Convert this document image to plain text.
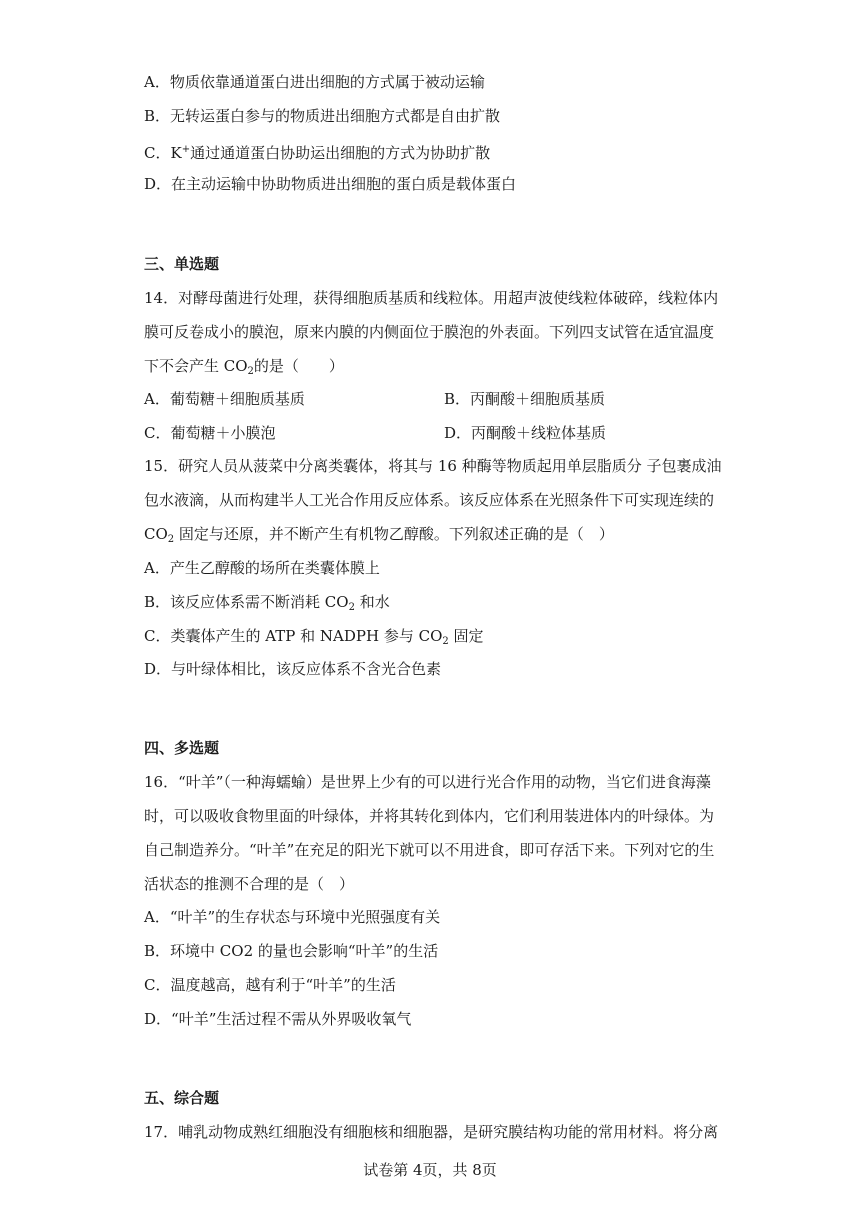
A．物质依靠通道蛋白进出细胞的方式属于被动运输
B．无转运蛋白参与的物质进出细胞方式都是自由扩散
C．K+通过通道蛋白协助运出细胞的方式为协助扩散
D．在主动运输中协助物质进出细胞的蛋白质是载体蛋白
三、单选题
14．对酵母菌进行处理，获得细胞质基质和线粒体。用超声波使线粒体破碎，线粒体内
膜可反卷成小的膜泡，原来内膜的内侧面位于膜泡的外表面。下列四支试管在适宜温度
下不会产生 $CO_2$的是（　　）
A．葡萄糖＋细胞质基质	B．丙酮酸＋细胞质基质
C．葡萄糖＋小膜泡	D．丙酮酸＋线粒体基质
15．研究人员从菠菜中分离类囊体，将其与 16 种酶等物质起用单层脂质分 子包裹成油
包水液滴，从而构建半人工光合作用反应体系。该反应体系在光照条件下可实现连续的
$CO_2$ 固定与还原，并不断产生有机物乙醇酸。下列叙述正确的是（　）
A．产生乙醇酸的场所在类囊体膜上
B．该反应体系需不断消耗 $CO_2$ 和水
C．类囊体产生的 ATP 和 NADPH 参与 $CO_2$ 固定
D．与叶绿体相比，该反应体系不含光合色素
四、多选题
16．“叶羊”（一种海蠕蝓）是世界上少有的可以进行光合作用的动物，当它们进食海藻
时，可以吸收食物里面的叶绿体，并将其转化到体内，它们利用装进体内的叶绿体。为
自己制造养分。“叶羊”在充足的阳光下就可以不用进食，即可存活下来。下列对它的生
活状态的推测不合理的是（　）
A．“叶羊”的生存状态与环境中光照强度有关
B．环境中 CO2 的量也会影响“叶羊”的生活
C．温度越高，越有利于“叶羊”的生活
D．“叶羊”生活过程不需从外界吸收氧气
五、综合题
17．哺乳动物成熟红细胞没有细胞核和细胞器，是研究膜结构功能的常用材料。将分离
试卷第 4页，共 8页
